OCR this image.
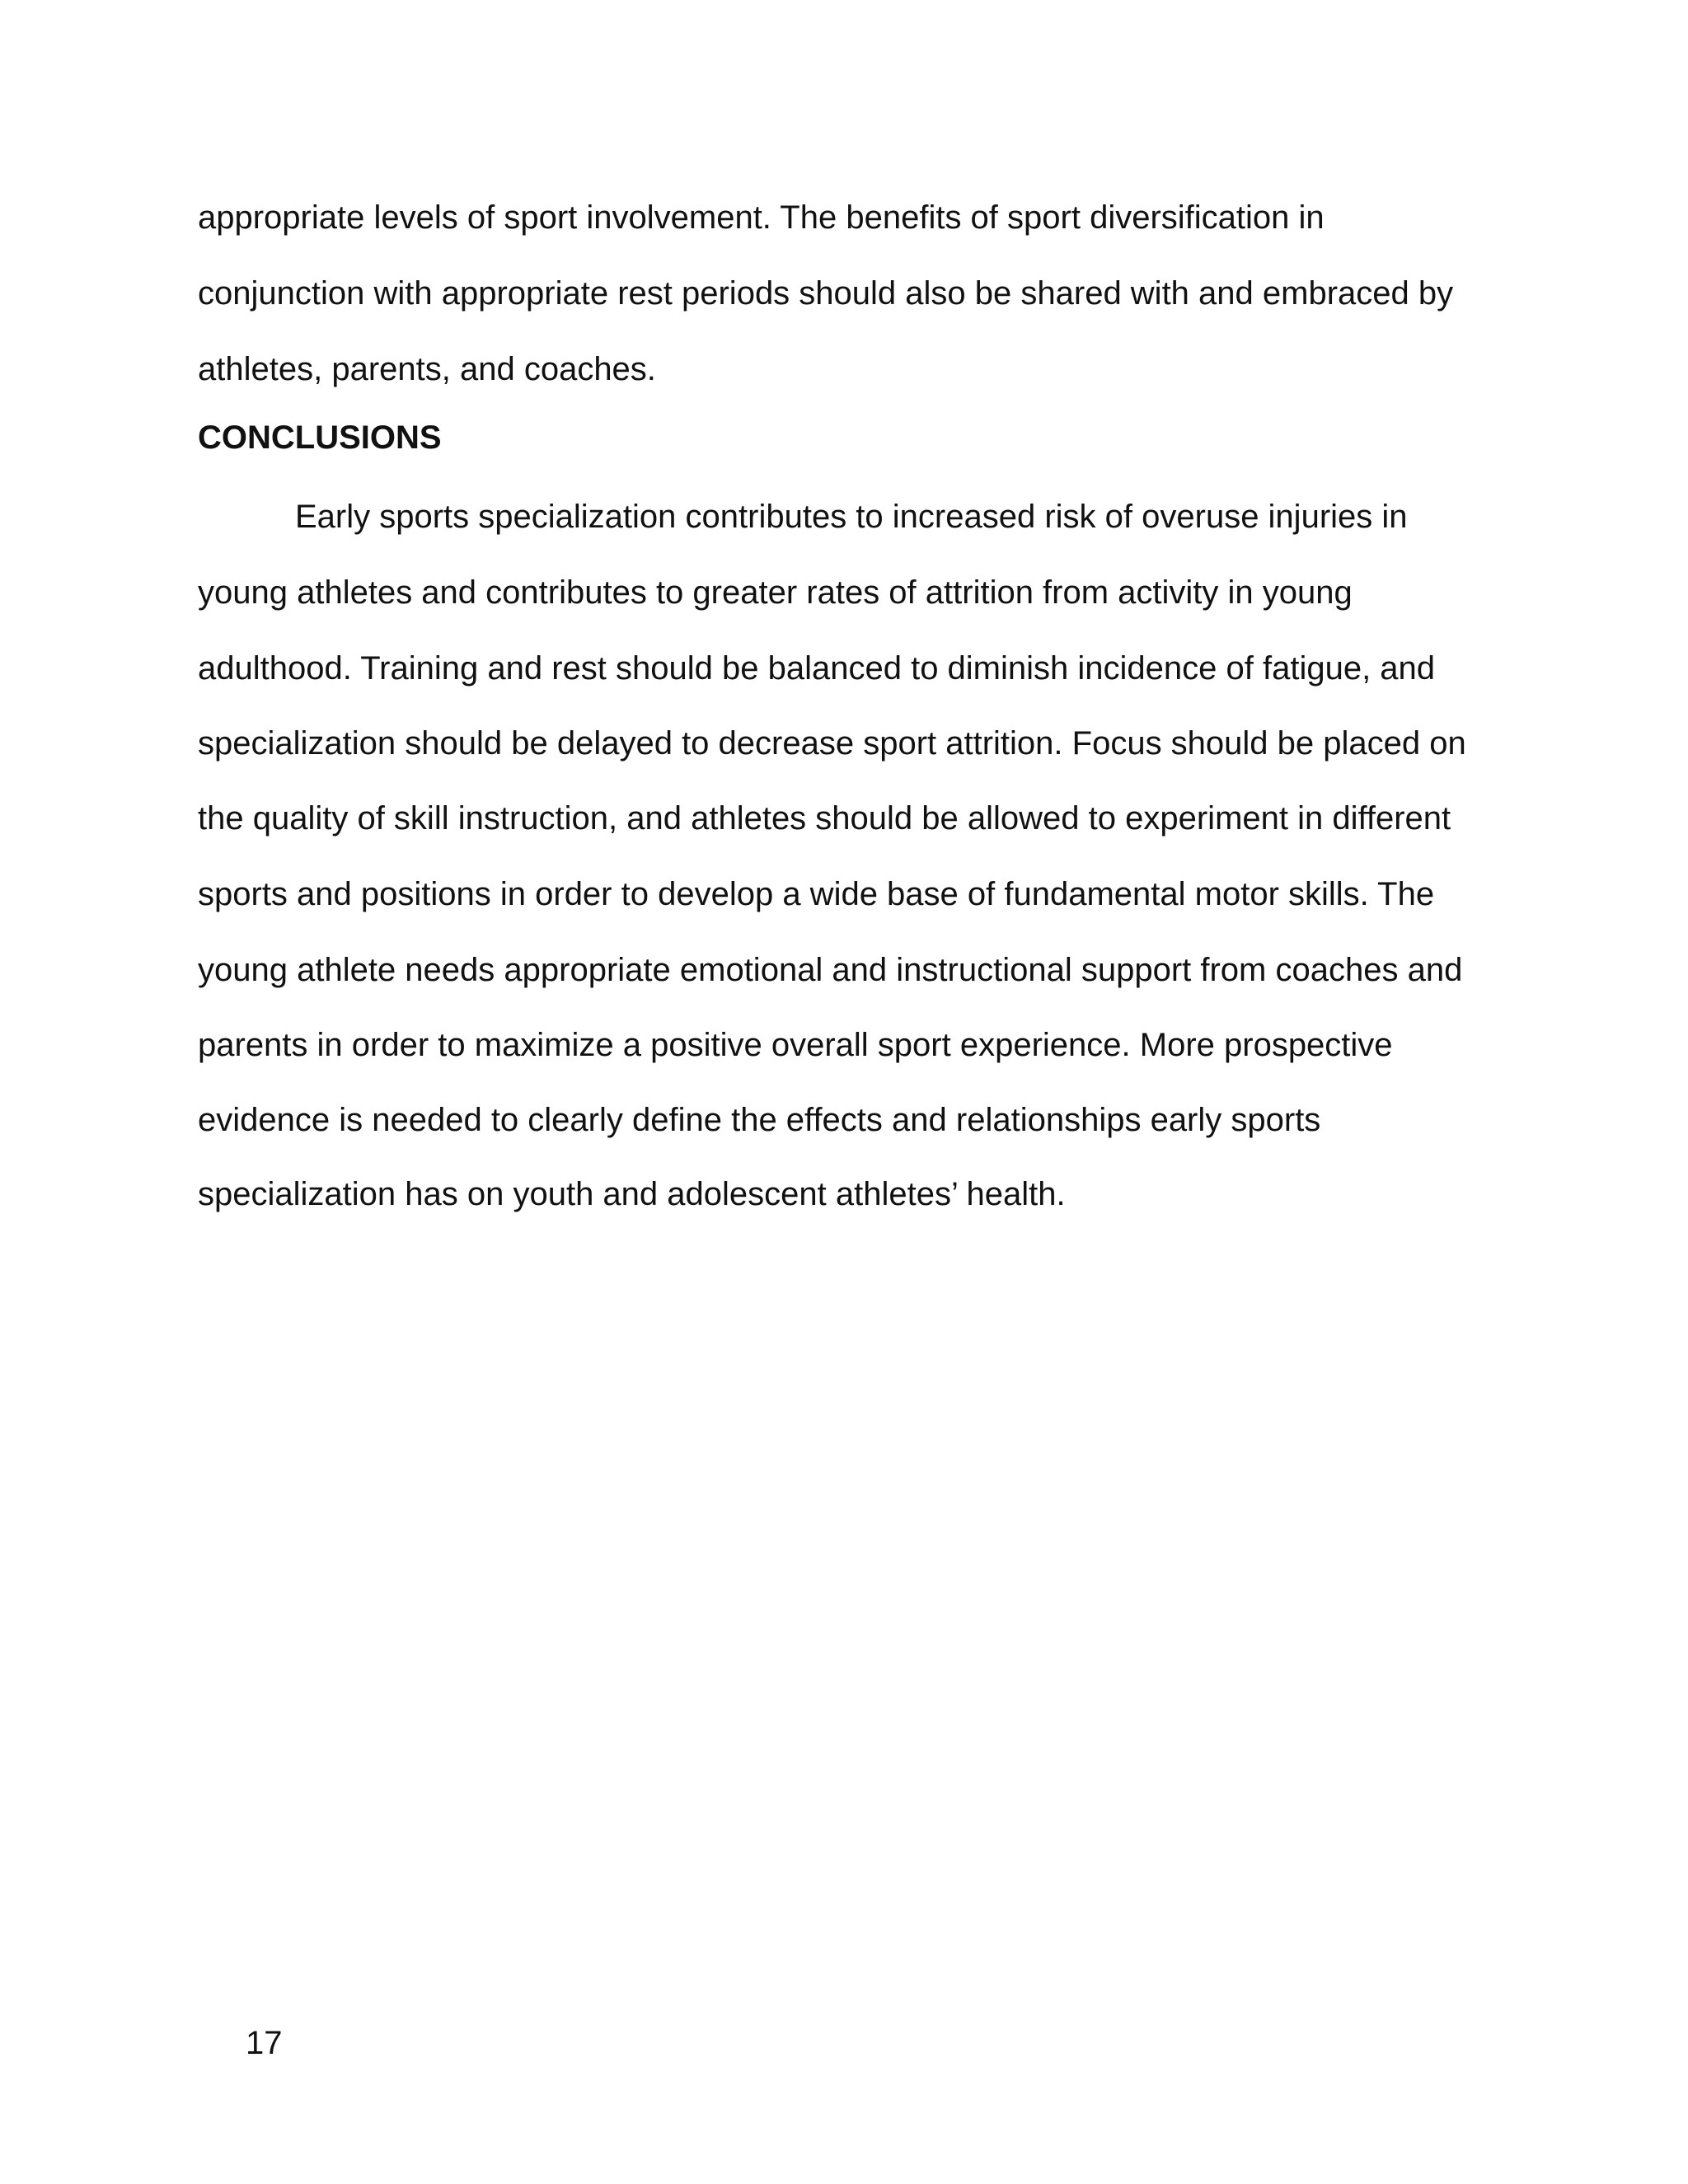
appropriate levels of sport involvement. The benefits of sport diversification in

conjunction with appropriate rest periods should also be shared with and embraced by

athletes, parents, and coaches.

CONCLUSIONS

Early sports specialization contributes to increased risk of overuse injuries in

young athletes and contributes to greater rates of attrition from activity in young

adulthood. Training and rest should be balanced to diminish incidence of fatigue, and

specialization should be delayed to decrease sport attrition. Focus should be placed on

the quality of skill instruction, and athletes should be allowed to experiment in different

sports and positions in order to develop a wide base of fundamental motor skills. The

young athlete needs appropriate emotional and instructional support from coaches and

parents in order to maximize a positive overall sport experience. More prospective

evidence is needed to clearly define the effects and relationships early sports

specialization has on youth and adolescent athletes’ health.

17
